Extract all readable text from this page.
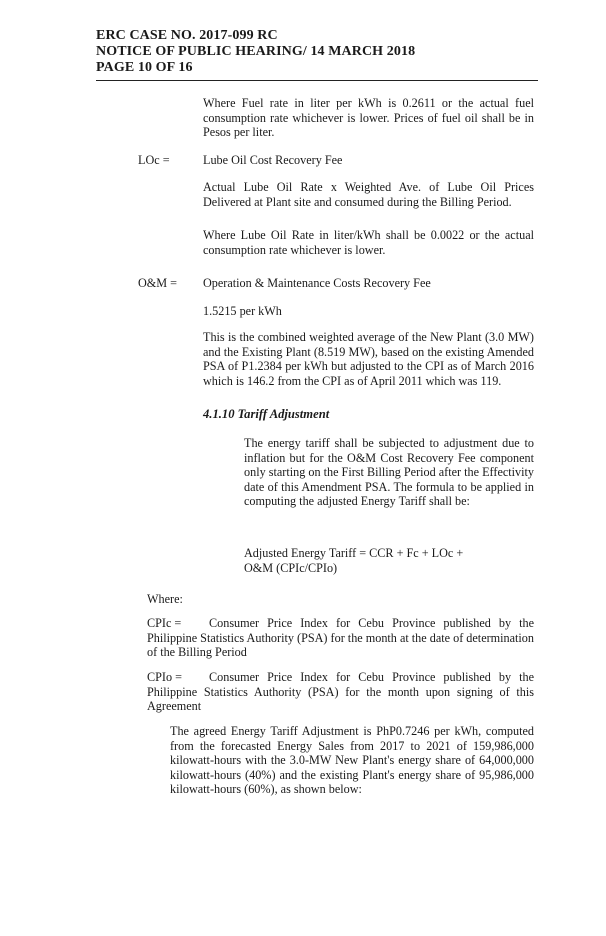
ERC CASE NO. 2017-099 RC
NOTICE OF PUBLIC HEARING/ 14 MARCH 2018
PAGE 10 OF 16
Where Fuel rate in liter per kWh is 0.2611 or the actual fuel consumption rate whichever is lower. Prices of fuel oil shall be in Pesos per liter.
LOc =	Lube Oil Cost Recovery Fee
Actual Lube Oil Rate x Weighted Ave. of Lube Oil Prices Delivered at Plant site and consumed during the Billing Period.
Where Lube Oil Rate in liter/kWh shall be 0.0022 or the actual consumption rate whichever is lower.
O&M = Operation & Maintenance Costs Recovery Fee
1.5215 per kWh
This is the combined weighted average of the New Plant (3.0 MW) and the Existing Plant (8.519 MW), based on the existing Amended PSA of P1.2384 per kWh but adjusted to the CPI as of March 2016 which is 146.2 from the CPI as of April 2011 which was 119.
4.1.10 Tariff Adjustment
The energy tariff shall be subjected to adjustment due to inflation but for the O&M Cost Recovery Fee component only starting on the First Billing Period after the Effectivity date of this Amendment PSA. The formula to be applied in computing the adjusted Energy Tariff shall be:
Adjusted Energy Tariff = CCR + Fc + LOc +
O&M (CPIc/CPIo)
Where:
CPIc =	Consumer Price Index for Cebu Province published by the Philippine Statistics Authority (PSA) for the month at the date of determination of the Billing Period
CPIo =	Consumer Price Index for Cebu Province published by the Philippine Statistics Authority (PSA) for the month upon signing of this Agreement
The agreed Energy Tariff Adjustment is PhP0.7246 per kWh, computed from the forecasted Energy Sales from 2017 to 2021 of 159,986,000 kilowatt-hours with the 3.0-MW New Plant's energy share of 64,000,000 kilowatt-hours (40%) and the existing Plant's energy share of 95,986,000 kilowatt-hours (60%), as shown below:
